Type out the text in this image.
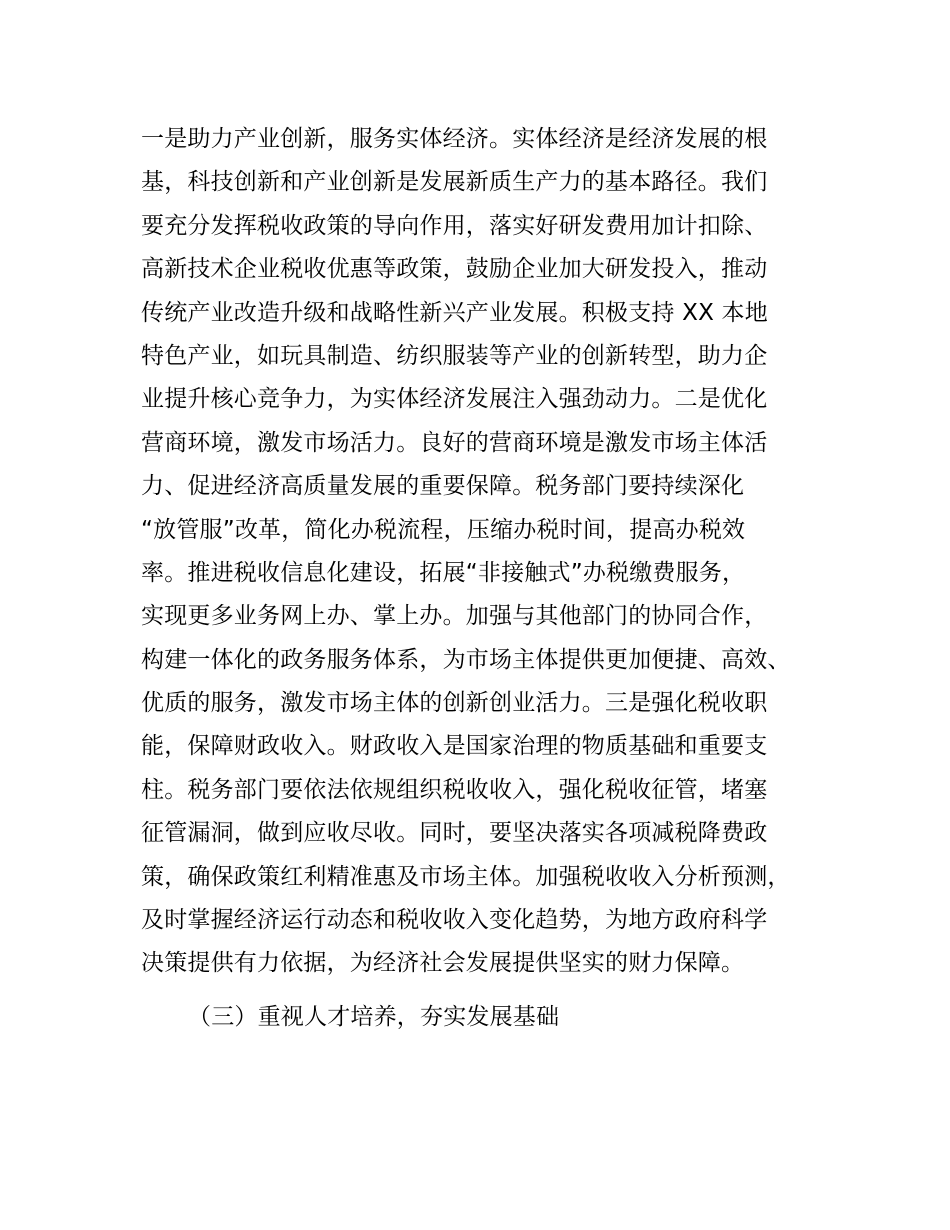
一是助力产业创新，服务实体经济。实体经济是经济发展的根
基，科技创新和产业创新是发展新质生产力的基本路径。我们
要充分发挥税收政策的导向作用，落实好研发费用加计扣除、
高新技术企业税收优惠等政策，鼓励企业加大研发投入，推动
传统产业改造升级和战略性新兴产业发展。积极支持 XX 本地
特色产业，如玩具制造、纺织服装等产业的创新转型，助力企
业提升核心竞争力，为实体经济发展注入强劲动力。二是优化
营商环境，激发市场活力。良好的营商环境是激发市场主体活
力、促进经济高质量发展的重要保障。税务部门要持续深化
“放管服”改革，简化办税流程，压缩办税时间，提高办税效
率。推进税收信息化建设，拓展“非接触式”办税缴费服务，
实现更多业务网上办、掌上办。加强与其他部门的协同合作，
构建一体化的政务服务体系，为市场主体提供更加便捷、高效、
优质的服务，激发市场主体的创新创业活力。三是强化税收职
能，保障财政收入。财政收入是国家治理的物质基础和重要支
柱。税务部门要依法依规组织税收收入，强化税收征管，堵塞
征管漏洞，做到应收尽收。同时，要坚决落实各项减税降费政
策，确保政策红利精准惠及市场主体。加强税收收入分析预测，
及时掌握经济运行动态和税收收入变化趋势，为地方政府科学
决策提供有力依据，为经济社会发展提供坚实的财力保障。
（三）重视人才培养，夯实发展基础
